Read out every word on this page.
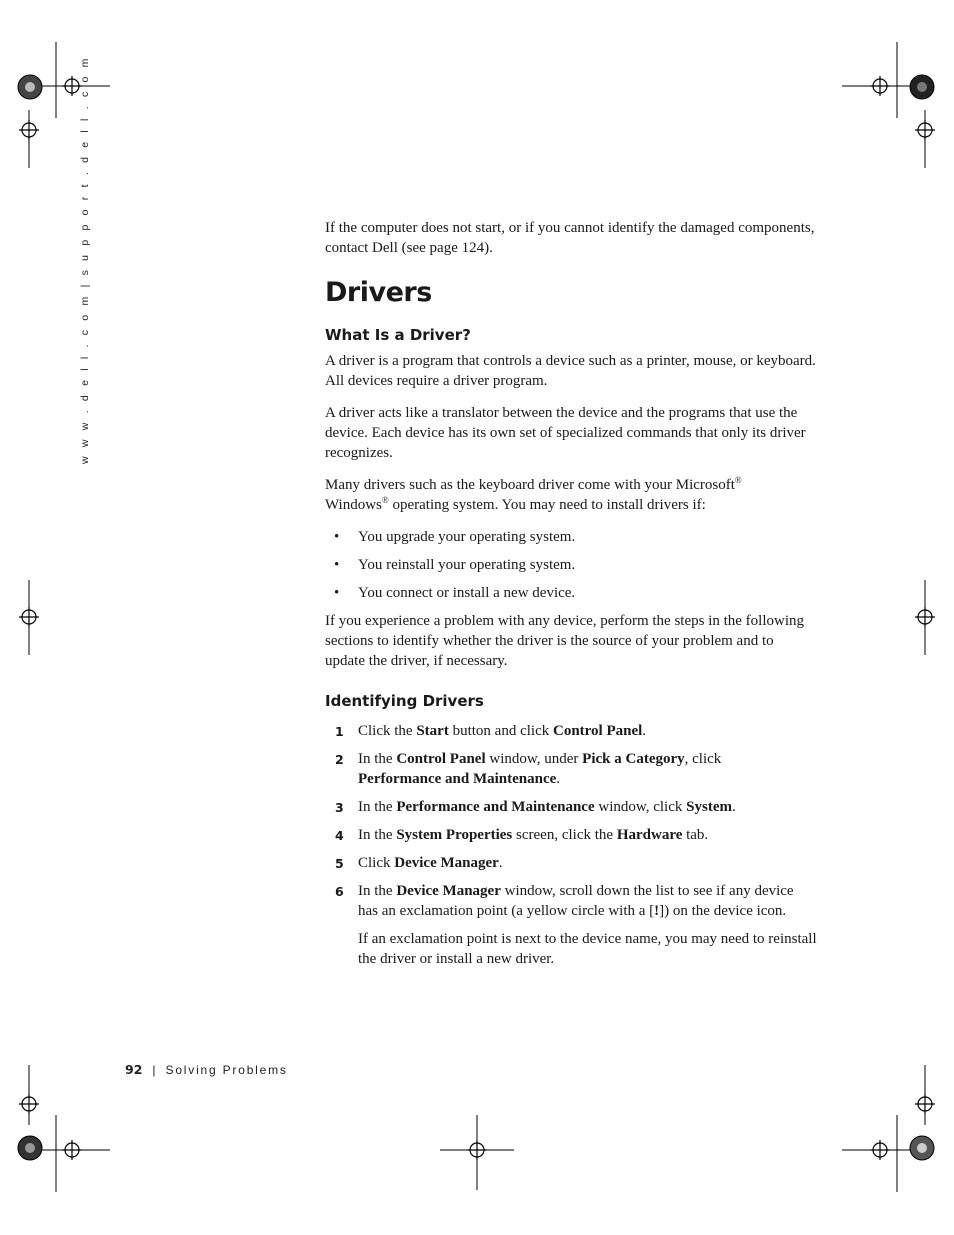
w w w . d e l l . c o m | s u p p o r t . d e l l . c o m	If the computer does not start, or if you cannot identify the damaged components, contact Dell (see page 124).

Drivers
What Is a Driver?

A driver is a program that controls a device such as a printer, mouse, or keyboard. All devices require a driver program.

A driver acts like a translator between the device and the programs that use the device. Each device has its own set of specialized commands that only its driver recognizes.

Many drivers such as the keyboard driver come with your Microsoft®
Windows® operating system. You may need to install drivers if:

• You upgrade your operating system.
• You reinstall your operating system.
• You connect or install a new device.

If you experience a problem with any device, perform the steps in the following sections to identify whether the driver is the source of your problem and to update the driver, if necessary.

Identifying Drivers
1 Click the Start button and click Control Panel.
2 In the Control Panel window, under Pick a Category, click
Performance and Maintenance.
3 In the Performance and Maintenance window, click System.
4 In the System Properties screen, click the Hardware tab.
5 Click Device Manager.
6 In the Device Manager window, scroll down the list to see if any device has an exclamation point (a yellow circle with a [!]) on the device icon.
If an exclamation point is next to the device name, you may need to reinstall the driver or install a new driver.
92 | Solving Problems
